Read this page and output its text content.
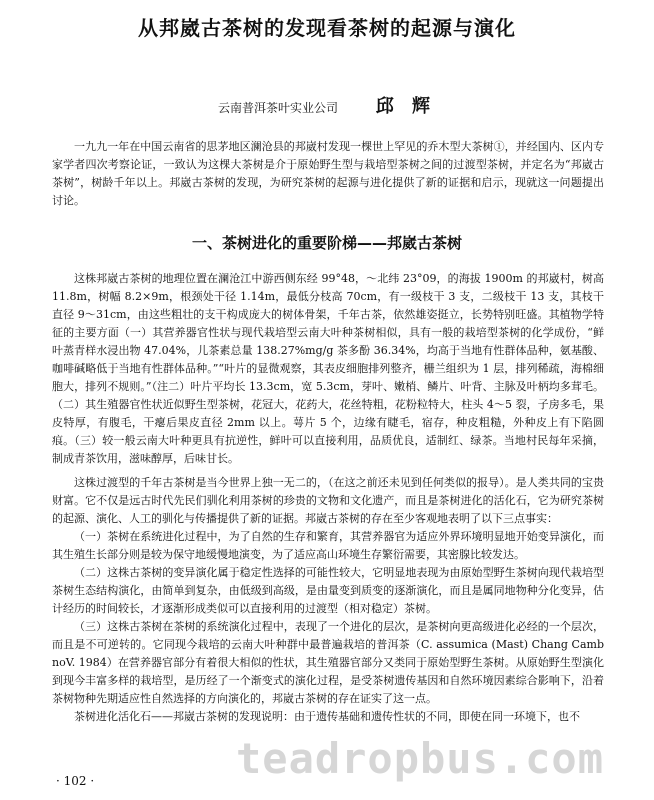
从邦崴古茶树的发现看茶树的起源与演化
云南普洱茶叶实业公司 邱 辉

一九九一年在中国云南省的思茅地区澜沧县的邦崴村发现一棵世上罕见的乔木型大茶树①，并经国内、区内专家学者四次考察论证，一致认为这棵大茶树是介于原始野生型与栽培型茶树之间的过渡型茶树，并定名为“邦崴古茶树”，树龄千年以上。邦崴古茶树的发现，为研究茶树的起源与进化提供了新的证据和启示，现就这一问题提出讨论。

一、茶树进化的重要阶梯——邦崴古茶树

这株邦崴古茶树的地理位置在澜沧江中游西侧东经 99°48，～北纬 23°09，的海拔 1900m 的邦崴村，树高 11.8m，树幅 8.2×9m，根颈处干径 1.14m，最低分枝高 70cm，有一级枝干 3 支，二级枝干 13 支，其枝干直径 9～31cm，由这些粗壮的支干构成庞大的树体骨架，千年古茶，依然雄姿挺立，长势特别旺盛。其植物学特征的主要方面（一）其营养器官性状与现代栽培型云南大叶种茶树相似，具有一般的栽培型茶树的化学成份，“鲜叶蒸青样水浸出物 47.04%，儿茶素总量 138.27%mg/g 茶多酚 36.34%，均高于当地有性群体品种，氨基酸、咖啡碱略低于当地有性群体品种。”“叶片的显微观察，其表皮细胞排列整齐，栅兰组织为 1 层，排列稀疏，海棉细胞大，排列不规则。”（注二）叶片平均长 13.3cm，宽 5.3cm，芽叶、嫩梢、鳞片、叶背、主脉及叶柄均多茸毛。（二）其生殖器官性状近似野生型茶树，花冠大，花药大，花丝特粗，花粉粒特大，柱头 4～5 裂，子房多毛，果皮特厚，有腹毛，干瘪后果皮直径 2mm 以上。萼片 5 个，边缘有睫毛，宿存，种皮粗糙，外种皮上有下陷圆痕。（三）较一般云南大叶种更具有抗逆性，鲜叶可以直接利用，品质优良，适制红、绿茶。当地村民每年采摘，制成青茶饮用，滋味醇厚，后味甘长。

这株过渡型的千年古茶树是当今世界上独一无二的，（在这之前还未见到任何类似的报导）。是人类共同的宝贵财富。它不仅是远古时代先民们驯化利用茶树的珍贵的文物和文化遗产，而且是茶树进化的活化石，它为研究茶树的起源、演化、人工的驯化与传播提供了新的证据。邦崴古茶树的存在至少客观地表明了以下三点事实：

（一）茶树在系统进化过程中，为了自然的生存和繁育，其营养器官为适应外界环境明显地开始变异演化，而其生殖生长部分则是较为保守地缓慢地演变，为了适应高山环境生存繁衍需要，其密腺比较发达。

（二）这株古茶树的变异演化属于稳定性选择的可能性较大，它明显地表现为由原始型野生茶树向现代栽培型茶树生态结构演化，由简单到复杂，由低级到高级，是由量变到质变的逐渐演化，而且是属同地物种分化变异，估计经历的时间较长，才逐渐形成类似可以直接利用的过渡型（相对稳定）茶树。

（三）这株古茶树在茶树的系统演化过程中，表现了一个进化的层次，是茶树向更高级进化必经的一个层次，而且是不可逆转的。它同现今栽培的云南大叶种群中最普遍栽培的普洱茶（C. assumica (Mast) Chang Camb noV. 1984）在营养器官部分有着很大相似的性状，其生殖器官部分又类同于原始型野生茶树。从原始野生型演化到现今丰富多样的栽培型，是历经了一个渐变式的演化过程，是受茶树遗传基因和自然环境因素综合影响下，沿着茶树物种先期适应性自然选择的方向演化的，邦崴古茶树的存在证实了这一点。

茶树进化活化石——邦崴古茶树的发现说明：由于遗传基础和遗传性状的不同，即使在同一环境下，也不

teadropbus.com
· 102 ·
